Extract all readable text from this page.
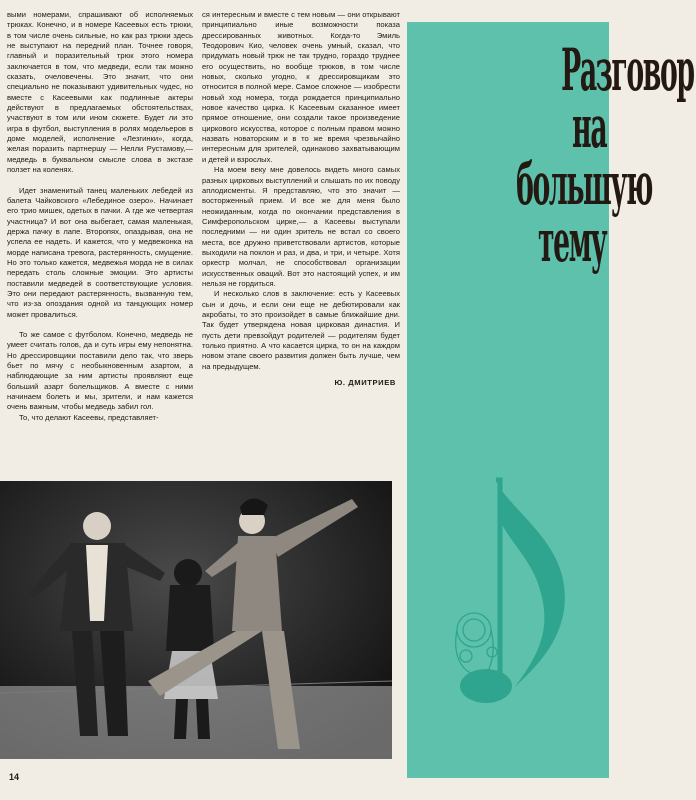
выми номерами, спрашивают об исполняемых трюках. Конечно, и в номере Касеевых есть трюки, в том числе очень сильные, но как раз трюки здесь не выступают на передний план. Точнее говоря, главный и поразительный трюк этого номера заключается в том, что медведи, если так можно сказать, очеловечены. Это значит, что они специально не показывают удивительных чудес, но вместе с Касеевыми как подлинные актеры действуют в предлагаемых обстоятельствах, участвуют в том или ином сюжете. Будет ли это игра в футбол, выступления в ролях модельеров в доме моделей, исполнение «Лезгинки», когда, желая поразить партнершу — Нелли Рустамову,— медведь в буквальном смысле слова в экстазе ползет на коленях.

Идет знаменитый танец маленьких лебедей из балета Чайковского «Лебединое озеро». Начинает его трио мишек, одетых в пачки. А где же четвертая участница? И вот она выбегает, самая маленькая, держа пачку в лапе. Второпях, опаздывая, она не успела ее надеть. И кажется, что у медвежонка на морде написана тревога, растерянность, смущение. Но это только кажется, медвежья морда не в силах передать столь сложные эмоции. Это артисты поставили медведей в соответствующие условия. Это они передают растерянность, вызванную тем, что из-за опоздания одной из танцующих номер может провалиться.

То же самое с футболом. Конечно, медведь не умеет считать голов, да и суть игры ему непонятна. Но дрессировщики поставили дело так, что зверь бьет по мячу с необыкновенным азартом, а наблюдающие за ним артисты проявляют еще больший азарт болельщиков. А вместе с ними начинаем болеть и мы, зрители, и нам кажется очень важным, чтобы медведь забил гол.

То, что делают Касеевы, представляет-

ся интересным и вместе с тем новым — они открывают принципиально иные возможности показа дрессированных животных. Когда-то Эмиль Теодорович Кио, человек очень умный, сказал, что придумать новый трюк не так трудно, гораздо труднее его осуществить, но вообще трюков, в том числе новых, сколько угодно, к дрессировщикам это относится в полной мере. Самое сложное — изобрести новый ход номера, тогда рождается принципиально новое качество цирка. К Касеевым сказанное имеет прямое отношение, они создали такое произведение циркового искусства, которое с полным правом можно назвать новаторским и в то же время чрезвычайно интересным для зрителей, одинаково захватывающим и детей и взрослых.

На моем веку мне довелось видеть много самых разных цирковых выступлений и слышать по их поводу аплодисменты. Я представляю, что это значит — восторженный прием. И все же для меня было неожиданным, когда по окончании представления в Симферопольском цирке,— а Касеевы выступали последними — ни один зритель не встал со своего места, все дружно приветствовали артистов, которые выходили на поклон и раз, и два, и три, и четыре. Хотя оркестр молчал, не способствовал организации искусственных оваций. Вот это настоящий успех, и им нельзя не гордиться.

И несколько слов в заключение: есть у Касеевых сын и дочь, и если они еще не дебютировали как акробаты, то это произойдет в самые ближайшие дни. Так будет утверждена новая цирковая династия. И пусть дети превзойдут родителей — родителям будет только приятно. А что касается цирка, то он на каждом новом этапе своего развития должен быть лучше, чем на предыдущем.

Ю. ДМИТРИЕВ
14
Разговор
на
большую
тему
